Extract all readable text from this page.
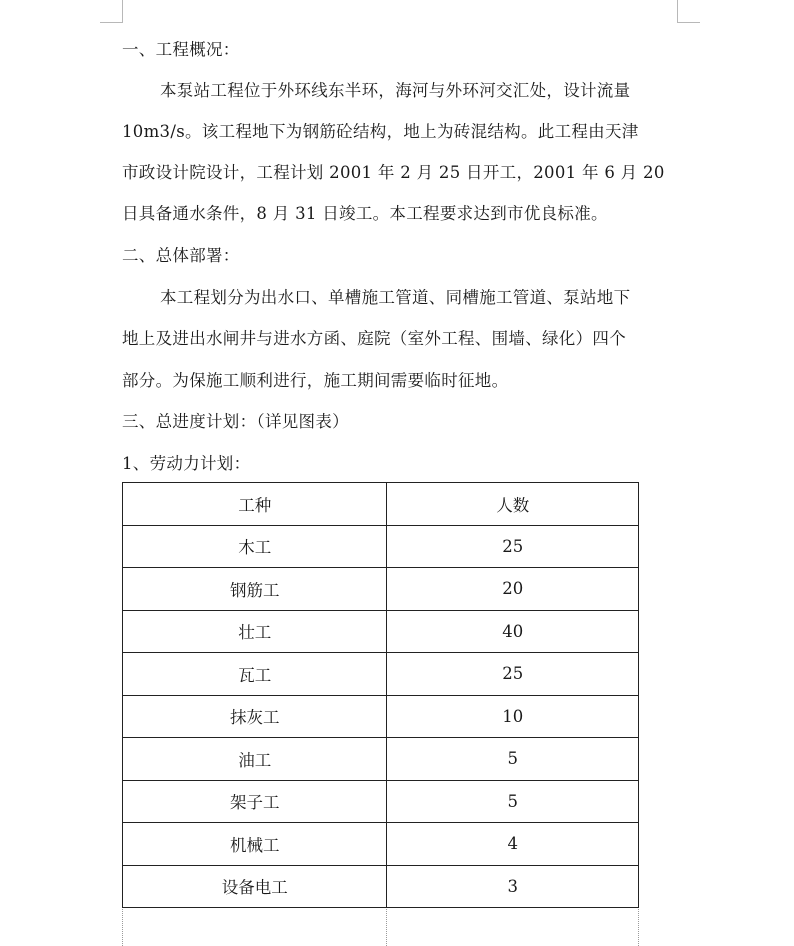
一、工程概况：
本泵站工程位于外环线东半环，海河与外环河交汇处，设计流量
10m3/s。该工程地下为钢筋砼结构，地上为砖混结构。此工程由天津
市政设计院设计，工程计划 2001 年 2 月 25 日开工，2001 年 6 月 20
日具备通水条件，8 月 31 日竣工。本工程要求达到市优良标准。
二、总体部署：
本工程划分为出水口、单槽施工管道、同槽施工管道、泵站地下
地上及进出水闸井与进水方函、庭院（室外工程、围墙、绿化）四个
部分。为保施工顺利进行，施工期间需要临时征地。
三、总进度计划：（详见图表）
1、劳动力计划：
工种	人数
木工	25
钢筋工	20
壮工	40
瓦工	25
抹灰工	10
油工	5
架子工	5
机械工	4
设备电工	3
